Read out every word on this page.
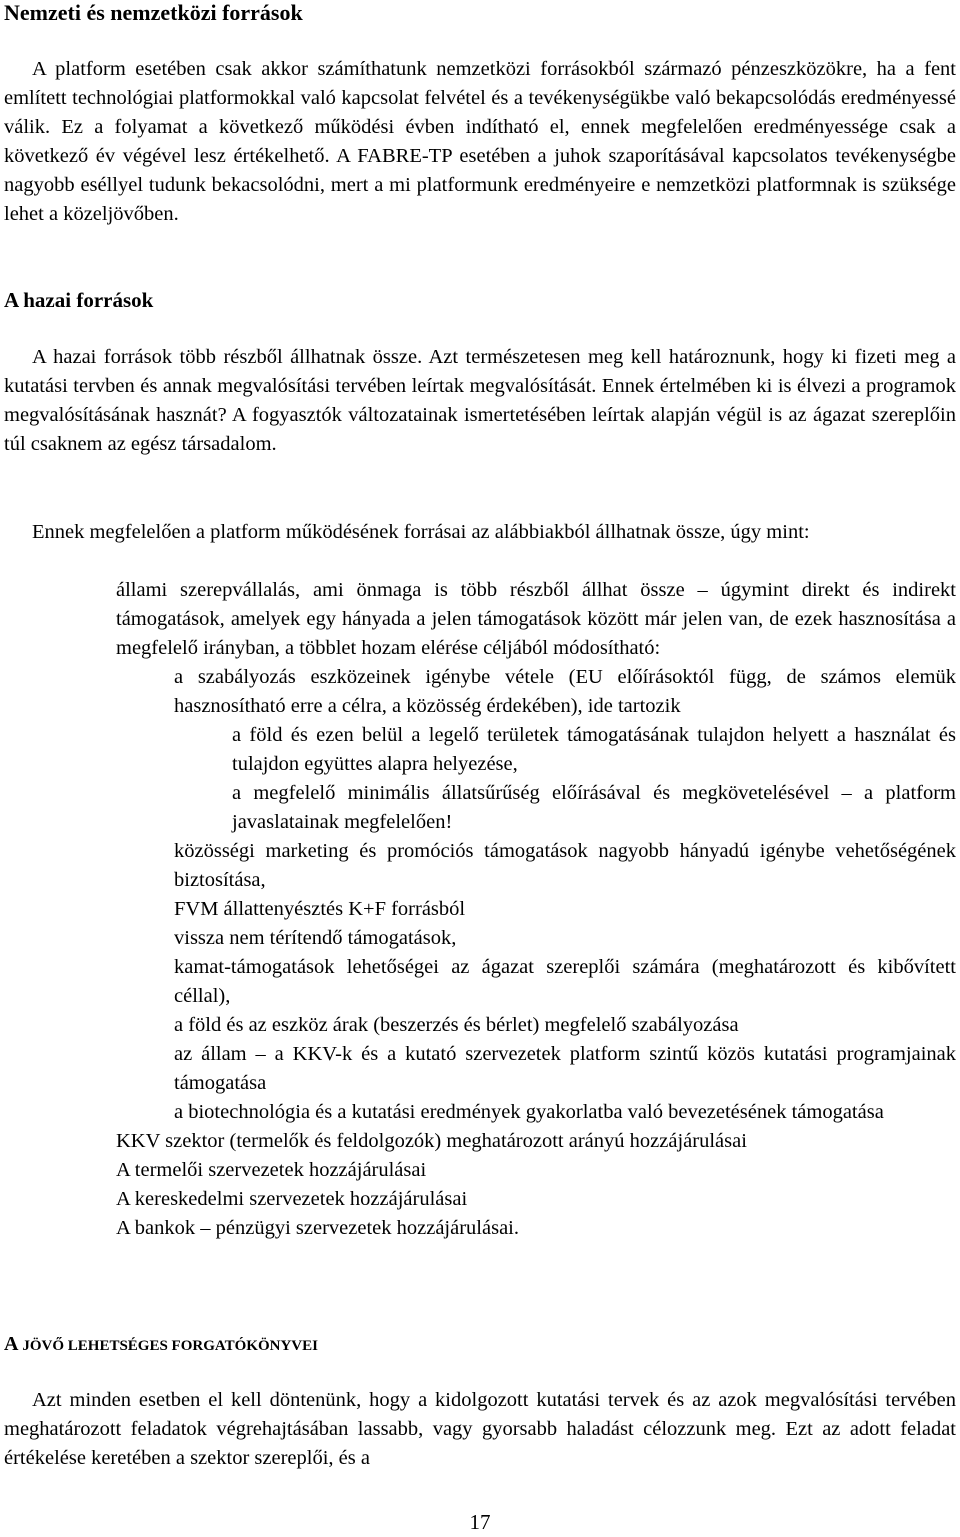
Nemzeti és nemzetközi források

A platform esetében csak akkor számíthatunk nemzetközi forrásokból származó pénzeszközökre, ha a fent említett technológiai platformokkal való kapcsolat felvétel és a tevékenységükbe való bekapcsolódás eredményessé válik. Ez a folyamat a következő működési évben indítható el, ennek megfelelően eredményessége csak a következő év végével lesz értékelhető. A FABRE-TP esetében a juhok szaporításával kapcsolatos tevékenységbe nagyobb eséllyel tudunk bekacsolódni, mert a mi platformunk eredményeire e nemzetközi platformnak is szüksége lehet a közeljövőben.

A hazai források

A hazai források több részből állhatnak össze. Azt természetesen meg kell határoznunk, hogy ki fizeti meg a kutatási tervben és annak megvalósítási tervében leírtak megvalósítását. Ennek értelmében ki is élvezi a programok megvalósításának hasznát? A fogyasztók változatainak ismertetésében leírtak alapján végül is az ágazat szereplőin túl csaknem az egész társadalom.

Ennek megfelelően a platform működésének forrásai az alábbiakból állhatnak össze, úgy mint:

állami szerepvállalás, ami önmaga is több részből állhat össze – úgymint direkt és indirekt támogatások, amelyek egy hányada a jelen támogatások között már jelen van, de ezek hasznosítása a megfelelő irányban, a többlet hozam elérése céljából módosítható:

a szabályozás eszközeinek igénybe vétele (EU előírásoktól függ, de számos elemük hasznosítható erre a célra, a közösség érdekében), ide tartozik

a föld és ezen belül a legelő területek támogatásának tulajdon helyett a használat és tulajdon együttes alapra helyezése,

a megfelelő minimális állatsűrűség előírásával és megkövetelésével – a platform javaslatainak megfelelően!

közösségi marketing és promóciós támogatások nagyobb hányadú igénybe vehetőségének biztosítása,

FVM állattenyésztés K+F forrásból

vissza nem térítendő támogatások,

kamat-támogatások lehetőségei az ágazat szereplői számára (meghatározott és kibővített céllal),

a föld és az eszköz árak (beszerzés és bérlet) megfelelő szabályozása

az állam – a KKV-k és a kutató szervezetek platform szintű közös kutatási programjainak támogatása

a biotechnológia és a kutatási eredmények gyakorlatba való bevezetésének támogatása

KKV szektor (termelők és feldolgozók) meghatározott arányú hozzájárulásai

A termelői szervezetek hozzájárulásai

A kereskedelmi szervezetek hozzájárulásai

A bankok – pénzügyi szervezetek hozzájárulásai.

A JÖVŐ LEHETSÉGES FORGATÓKÖNYVEI

Azt minden esetben el kell döntenünk, hogy a kidolgozott kutatási tervek és az azok megvalósítási tervében meghatározott feladatok végrehajtásában lassabb, vagy gyorsabb haladást célozzunk meg. Ezt az adott feladat értékelése keretében a szektor szereplői, és a

17
